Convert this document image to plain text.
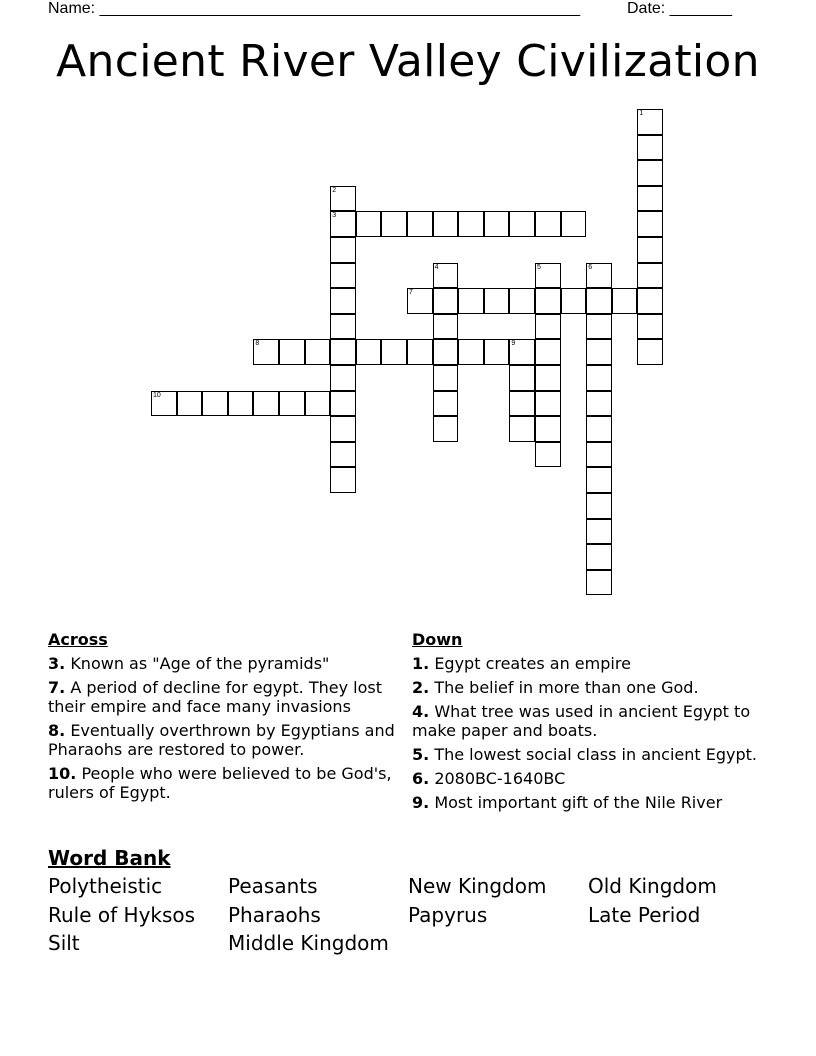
Name: ______________________________________________________	Date: _______
Ancient River Valley Civilization
1
2
3
4	5	6
7
8	9
10
Across
3. Known as "Age of the pyramids"
7. A period of decline for egypt. They lost their empire and face many invasions
8. Eventually overthrown by Egyptians and Pharaohs are restored to power.
10. People who were believed to be God's, rulers of Egypt.
Down
1. Egypt creates an empire
2. The belief in more than one God.
4. What tree was used in ancient Egypt to make paper and boats.
5. The lowest social class in ancient Egypt.
6. 2080BC-1640BC
9. Most important gift of the Nile River
Word Bank
Polytheistic	Peasants	New Kingdom	Old Kingdom
Rule of Hyksos	Pharaohs	Papyrus	Late Period
Silt	Middle Kingdom
